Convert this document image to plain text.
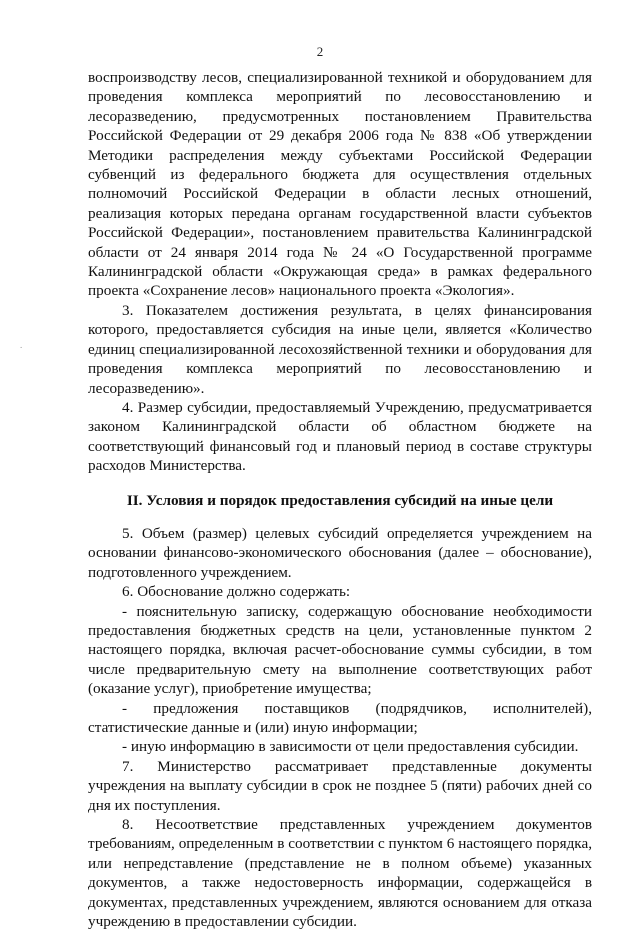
2
.

воспроизводству лесов, специализированной техникой и оборудованием для проведения комплекса мероприятий по лесовосстановлению и лесоразведению, предусмотренных постановлением Правительства Российской Федерации от 29 декабря 2006 года № 838 «Об утверждении Методики распределения между субъектами Российской Федерации субвенций из федерального бюджета для осуществления отдельных полномочий Российской Федерации в области лесных отношений, реализация которых передана органам государственной власти субъектов Российской Федерации», постановлением правительства Калининградской области от 24 января 2014 года № 24 «О Государственной программе Калининградской области «Окружающая среда» в рамках федерального проекта «Сохранение лесов» национального проекта «Экология».

3. Показателем достижения результата, в целях финансирования которого, предоставляется субсидия на иные цели, является «Количество единиц специализированной лесохозяйственной техники и оборудования для проведения комплекса мероприятий по лесовосстановлению и лесоразведению».

4. Размер субсидии, предоставляемый Учреждению, предусматривается законом Калининградской области об областном бюджете на соответствующий финансовый год и плановый период в составе структуры расходов Министерства.

II. Условия и порядок предоставления субсидий на иные цели

5. Объем (размер) целевых субсидий определяется учреждением на основании финансово-экономического обоснования (далее – обоснование), подготовленного учреждением.

6. Обоснование должно содержать:

- пояснительную записку, содержащую обоснование необходимости предоставления бюджетных средств на цели, установленные пунктом 2 настоящего порядка, включая расчет-обоснование суммы субсидии, в том числе предварительную смету на выполнение соответствующих работ (оказание услуг), приобретение имущества;

- предложения поставщиков (подрядчиков, исполнителей), статистические данные и (или) иную информации;

- иную информацию в зависимости от цели предоставления субсидии.

7. Министерство рассматривает представленные документы учреждения на выплату субсидии в срок не позднее 5 (пяти) рабочих дней со дня их поступления.

8. Несоответствие представленных учреждением документов требованиям, определенным в соответствии с пунктом 6 настоящего порядка, или непредставление (представление не в полном объеме) указанных документов, а также недостоверность информации, содержащейся в документах, представленных учреждением, являются основанием для отказа учреждению в предоставлении субсидии.
